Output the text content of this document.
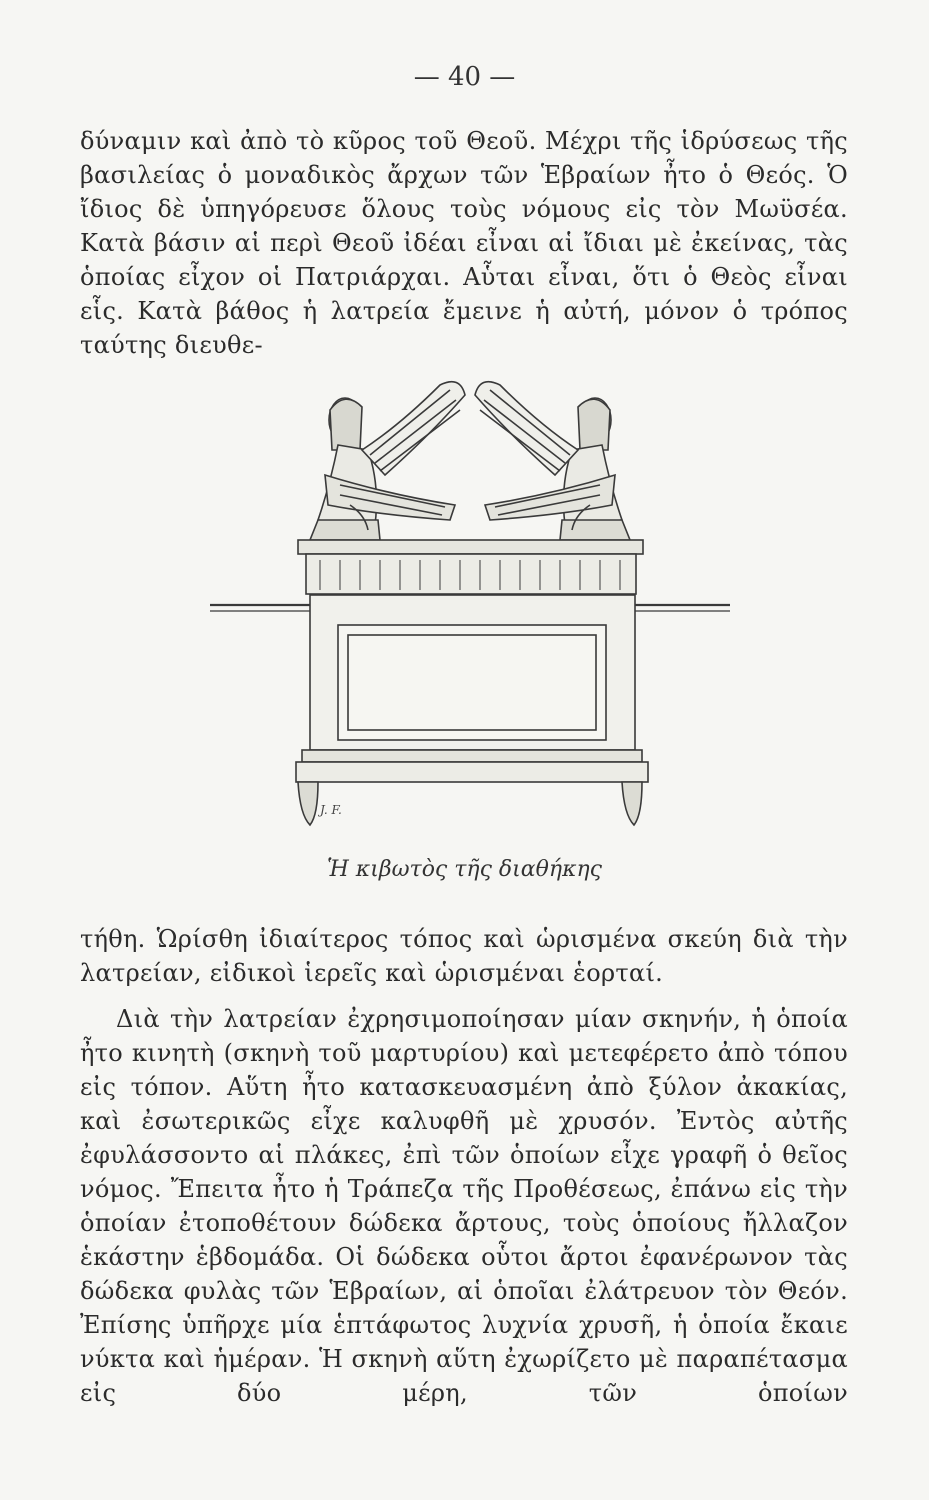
— 40 —

δύναμιν καὶ ἀπὸ τὸ κῦρος τοῦ Θεοῦ. Μέχρι τῆς ἱδρύσεως τῆς βασιλείας ὁ μοναδικὸς ἄρχων τῶν Ἑβραίων ἦτο ὁ Θεός. Ὁ ἴδιος δὲ ὑπηγόρευσε ὅλους τοὺς νόμους εἰς τὸν Μωϋσέα. Κατὰ βάσιν αἱ περὶ Θεοῦ ἰδέαι εἶναι αἱ ἴδιαι μὲ ἐκείνας, τὰς ὁποίας εἶχον οἱ Πατριάρχαι. Αὗται εἶναι, ὅτι ὁ Θεὸς εἶναι εἷς. Κατὰ βάθος ἡ λατρεία ἔμεινε ἡ αὐτή, μόνον ὁ τρόπος ταύτης διευθε-

J. F.
Ἡ κιβωτὸς τῆς διαθήκης

τήθη. Ὡρίσθη ἰδιαίτερος τόπος καὶ ὡρισμένα σκεύη διὰ τὴν λατρείαν, εἰδικοὶ ἱερεῖς καὶ ὡρισμέναι ἑορταί.

Διὰ τὴν λατρείαν ἐχρησιμοποίησαν μίαν σκηνήν, ἡ ὁποία ἦτο κινητὴ (σκηνὴ τοῦ μαρτυρίου) καὶ μετεφέρετο ἀπὸ τόπου εἰς τόπον. Αὕτη ἦτο κατασκευασμένη ἀπὸ ξύλον ἀκακίας, καὶ ἐσωτερικῶς εἶχε καλυφθῆ μὲ χρυσόν. Ἐντὸς αὐτῆς ἐφυλάσσοντο αἱ πλάκες, ἐπὶ τῶν ὁποίων εἶχε γραφῆ ὁ θεῖος νόμος. Ἔπειτα ἦτο ἡ Τράπεζα τῆς Προθέσεως, ἐπάνω εἰς τὴν ὁποίαν ἐτοποθέτουν δώδεκα ἄρτους, τοὺς ὁποίους ἤλλαζον ἑκάστην ἑβδομάδα. Οἱ δώδεκα οὗτοι ἄρτοι ἐφανέρωνον τὰς δώδεκα φυλὰς τῶν Ἑβραίων, αἱ ὁποῖαι ἐλάτρευον τὸν Θεόν. Ἐπίσης ὑπῆρχε μία ἑπτάφωτος λυχνία χρυσῆ, ἡ ὁποία ἔκαιε νύκτα καὶ ἡμέραν. Ἡ σκηνὴ αὕτη ἐχωρίζετο μὲ παραπέτασμα εἰς δύο μέρη, τῶν ὁποίων
